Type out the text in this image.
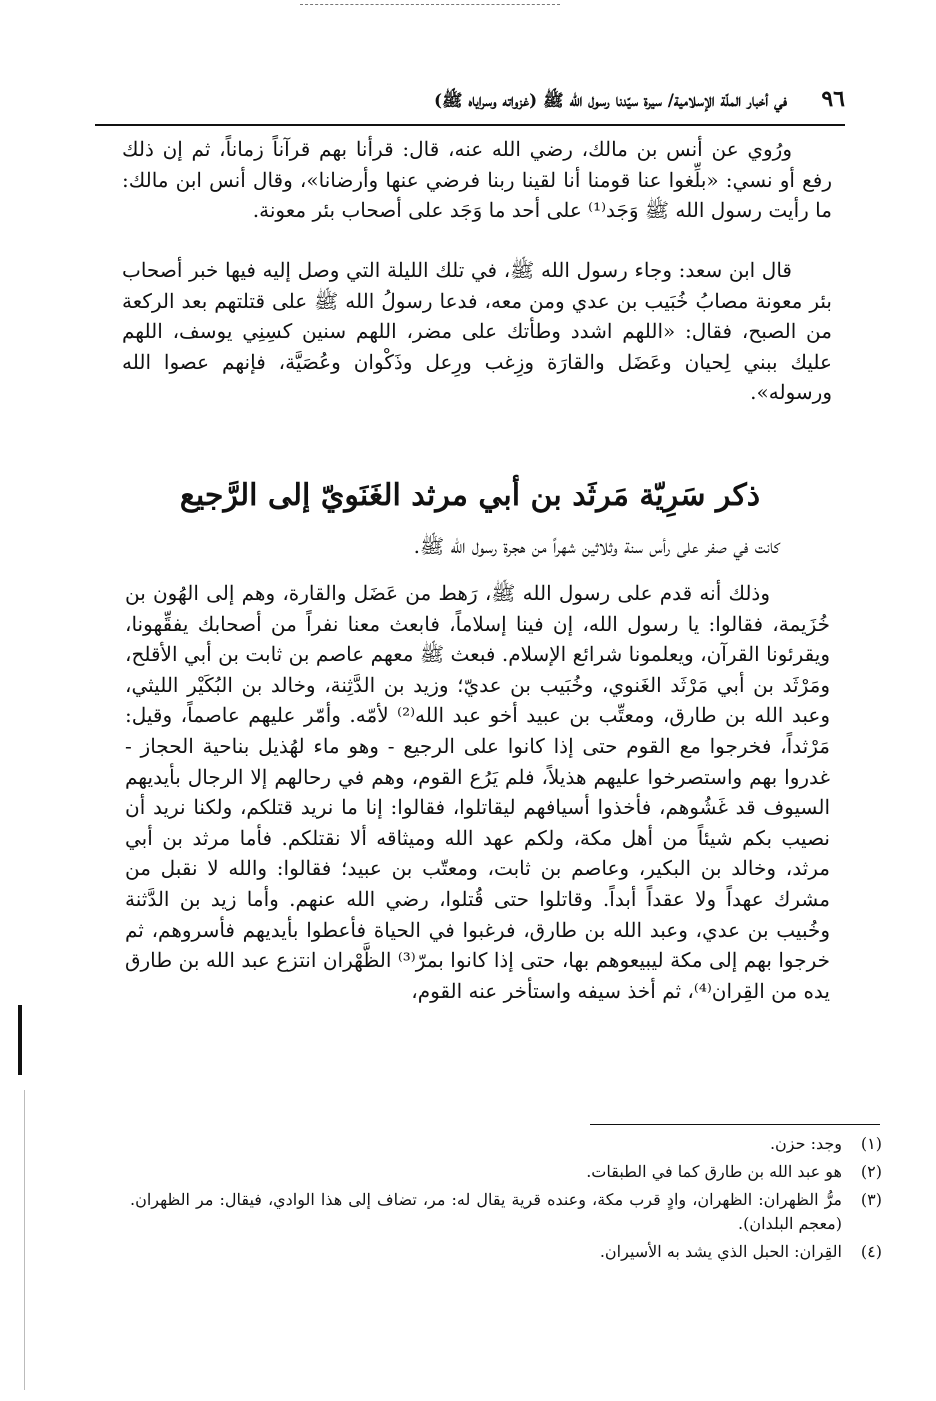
٩٦
في أخبار الملّة الإسلامية/ سيرة سيّدنا رسول الله ﷺ (غزواته وسراياه ﷺ)
ورُوي عن أنس بن مالك، رضي الله عنه، قال: قرأنا بهم قرآناً زماناً، ثم إن ذلك رفع أو نسي: «بلِّغوا عنا قومنا أنا لقينا ربنا فرضي عنها وأرضانا»، وقال أنس ابن مالك: ما رأيت رسول الله ﷺ وَجَد⁽¹⁾ على أحد ما وَجَد على أصحاب بئر معونة.
قال ابن سعد: وجاء رسول الله ﷺ، في تلك الليلة التي وصل إليه فيها خبر أصحاب بئر معونة مصابُ خُبَيب بن عدي ومن معه، فدعا رسولُ الله ﷺ على قتلتهم بعد الركعة من الصبح، فقال: «اللهم اشدد وطأتك على مضر، اللهم سنين كسِنِي يوسف، اللهم عليك ببني لِحيان وعَضَل والقارَة وزِغب ورِعل وذَكْوان وعُصَيَّة، فإنهم عصوا الله ورسوله».
ذكر سَرِيّة مَرثَد بن أبي مرثد الغَنَويّ إلى الرَّجيع
كانت في صفر على رأس سنة وثلاثين شهراً من هجرة رسول الله ﷺ.
وذلك أنه قدم على رسول الله ﷺ، رَهط من عَضَل والقارة، وهم إلى الهُون بن خُزَيمة، فقالوا: يا رسول الله، إن فينا إسلاماً، فابعث معنا نفراً من أصحابك يفقِّهونا، ويقرئونا القرآن، ويعلمونا شرائع الإسلام. فبعث ﷺ معهم عاصم بن ثابت بن أبي الأقلح، ومَرْثَد بن أبي مَرْثَد الغَنوي، وخُبَيب بن عديّ؛ وزيد بن الدَّثِنة، وخالد بن البُكَيْر الليثي، وعبد الله بن طارق، ومعتِّب بن عبيد أخو عبد الله⁽²⁾ لأمّه. وأمّر عليهم عاصماً، وقيل: مَرْثداً، فخرجوا مع القوم حتى إذا كانوا على الرجيع - وهو ماء لهُذيل بناحية الحجاز - غدروا بهم واستصرخوا عليهم هذيلاً، فلم يَرُع القوم، وهم في رحالهم إلا الرجال بأيديهم السيوف قد غَشُوهم، فأخذوا أسيافهم ليقاتلوا، فقالوا: إنا ما نريد قتلكم، ولكنا نريد أن نصيب بكم شيئاً من أهل مكة، ولكم عهد الله وميثاقه ألا نقتلكم. فأما مرثد بن أبي مرثد، وخالد بن البكير، وعاصم بن ثابت، ومعتّب بن عبيد؛ فقالوا: والله لا نقبل من مشرك عهداً ولا عقداً أبداً. وقاتلوا حتى قُتلوا، رضي الله عنهم. وأما زيد بن الدَّثنة وخُبيب بن عدي، وعبد الله بن طارق، فرغبوا في الحياة فأعطوا بأيديهم فأسروهم، ثم خرجوا بهم إلى مكة ليبيعوهم بها، حتى إذا كانوا بمرّ⁽³⁾ الظَّهْران انتزع عبد الله بن طارق يده من القِران⁽⁴⁾، ثم أخذ سيفه واستأخر عنه القوم،
(١)
وجد: حزن.
(٢)
هو عبد الله بن طارق كما في الطبقات.
(٣)
مرُّ الظهران: الظهران، وادٍ قرب مكة، وعنده قرية يقال له: مر، تضاف إلى هذا الوادي، فيقال: مر الظهران. (معجم البلدان).
(٤)
القِران: الحبل الذي يشد به الأسيران.
